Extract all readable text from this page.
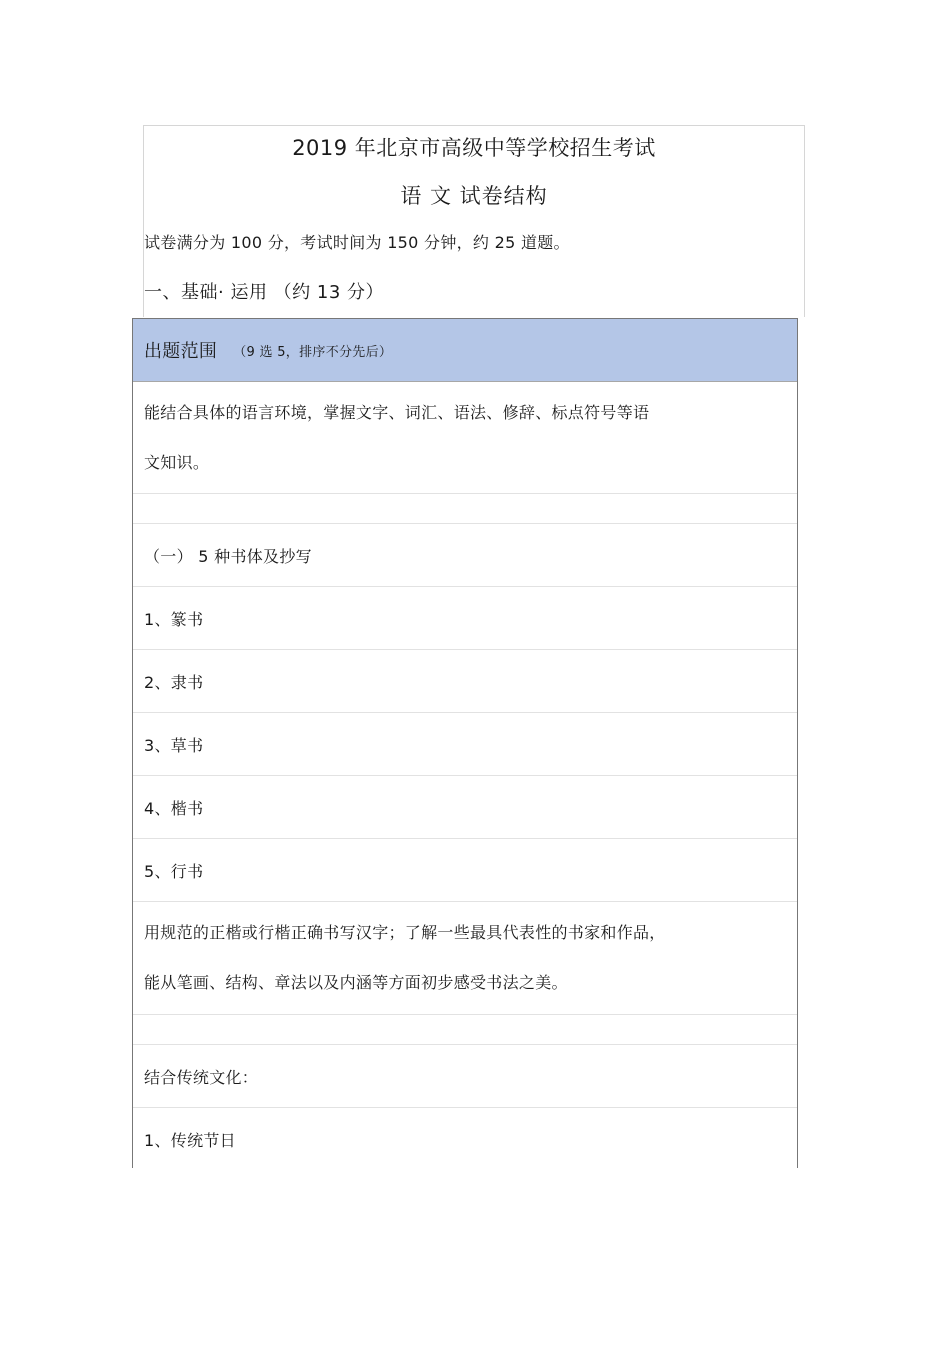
2019 年北京市高级中等学校招生考试
语 文 试卷结构
试卷满分为 100 分，考试时间为 150 分钟，约 25 道题。
一、基础· 运用 （约 13 分）
出题范围 （9 选 5，排序不分先后）
能结合具体的语言环境，掌握文字、词汇、语法、修辞、标点符号等语
文知识。
（一） 5 种书体及抄写
1、篆书
2、隶书
3、草书
4、楷书
5、行书
用规范的正楷或行楷正确书写汉字；了解一些最具代表性的书家和作品，
能从笔画、结构、章法以及内涵等方面初步感受书法之美。
结合传统文化：
1、传统节日
